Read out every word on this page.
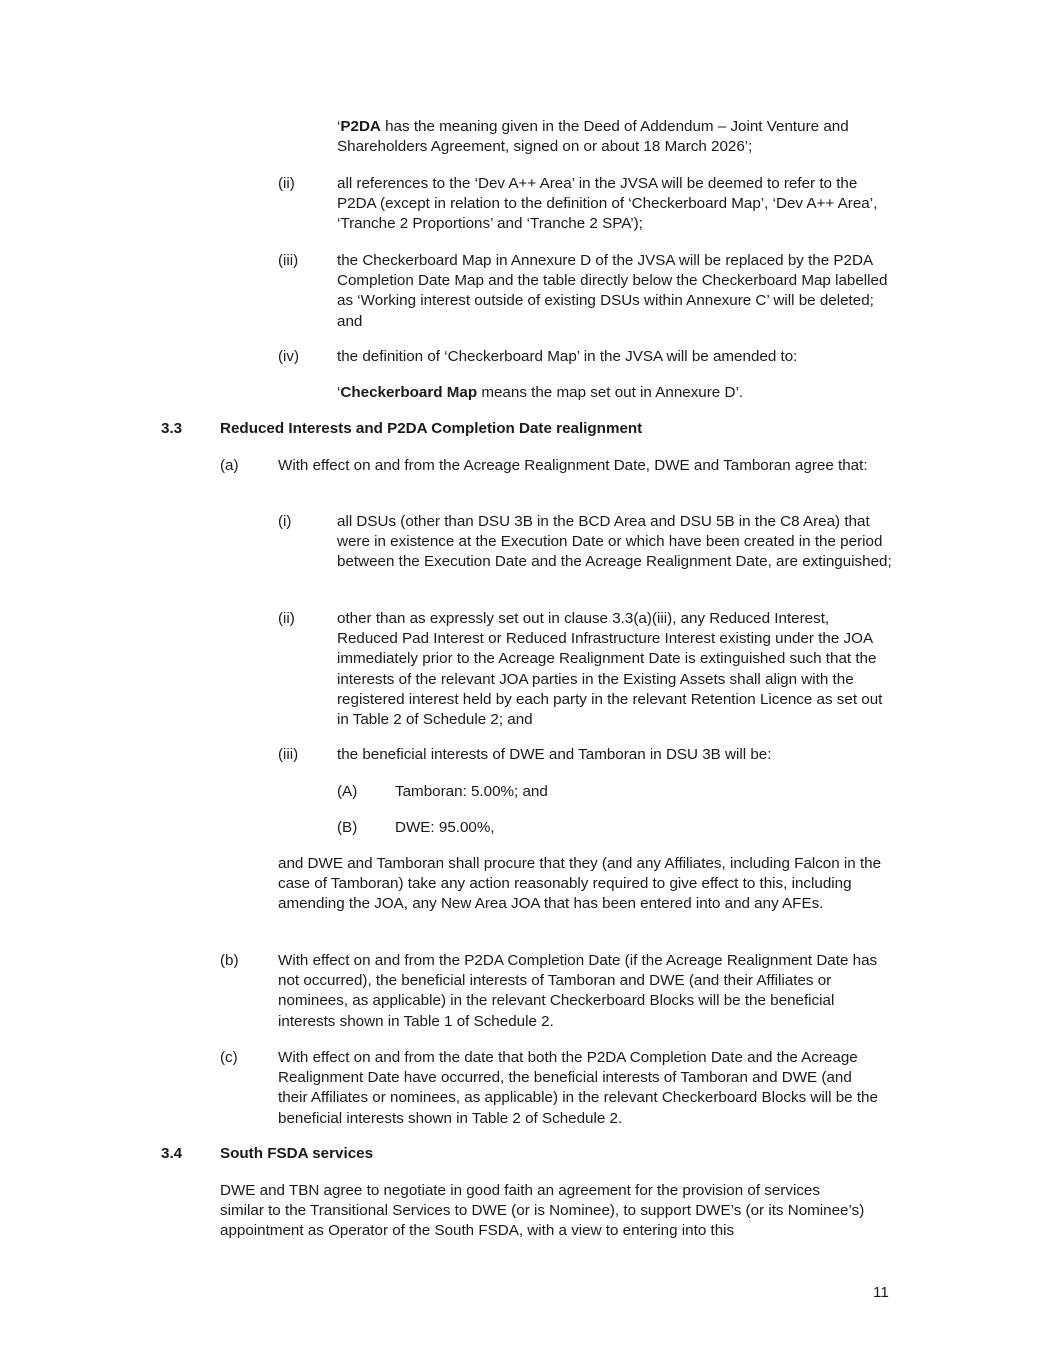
‘P2DA has the meaning given in the Deed of Addendum – Joint Venture and Shareholders Agreement, signed on or about 18 March 2026’;
(ii)	all references to the ‘Dev A++ Area’ in the JVSA will be deemed to refer to the P2DA (except in relation to the definition of ‘Checkerboard Map’, ‘Dev A++ Area’, ‘Tranche 2 Proportions’ and ‘Tranche 2 SPA’);
(iii)	the Checkerboard Map in Annexure D of the JVSA will be replaced by the P2DA Completion Date Map and the table directly below the Checkerboard Map labelled as ‘Working interest outside of existing DSUs within Annexure C’ will be deleted; and
(iv) the definition of ‘Checkerboard Map’ in the JVSA will be amended to:
‘Checkerboard Map means the map set out in Annexure D’.
3.3 Reduced Interests and P2DA Completion Date realignment
(a)	With effect on and from the Acreage Realignment Date, DWE and Tamboran agree that:
(i)	all DSUs (other than DSU 3B in the BCD Area and DSU 5B in the C8 Area) that were in existence at the Execution Date or which have been created in the period between the Execution Date and the Acreage Realignment Date, are extinguished;
(ii)	other than as expressly set out in clause 3.3(a)(iii), any Reduced Interest, Reduced Pad Interest or Reduced Infrastructure Interest existing under the JOA immediately prior to the Acreage Realignment Date is extinguished such that the interests of the relevant JOA parties in the Existing Assets shall align with the registered interest held by each party in the relevant Retention Licence as set out in Table 2 of Schedule 2; and
(iii)	the beneficial interests of DWE and Tamboran in DSU 3B will be:
(A) Tamboran: 5.00%; and
(B) DWE: 95.00%,
and DWE and Tamboran shall procure that they (and any Affiliates, including Falcon in the case of Tamboran) take any action reasonably required to give effect to this, including amending the JOA, any New Area JOA that has been entered into and any AFEs.
(b)	With effect on and from the P2DA Completion Date (if the Acreage Realignment Date has not occurred), the beneficial interests of Tamboran and DWE (and their Affiliates or nominees, as applicable) in the relevant Checkerboard Blocks will be the beneficial interests shown in Table 1 of Schedule 2.
(c)	With effect on and from the date that both the P2DA Completion Date and the Acreage Realignment Date have occurred, the beneficial interests of Tamboran and DWE (and their Affiliates or nominees, as applicable) in the relevant Checkerboard Blocks will be the beneficial interests shown in Table 2 of Schedule 2.
3.4 South FSDA services
DWE and TBN agree to negotiate in good faith an agreement for the provision of services similar to the Transitional Services to DWE (or is Nominee), to support DWE’s (or its Nominee’s) appointment as Operator of the South FSDA, with a view to entering into this
11
